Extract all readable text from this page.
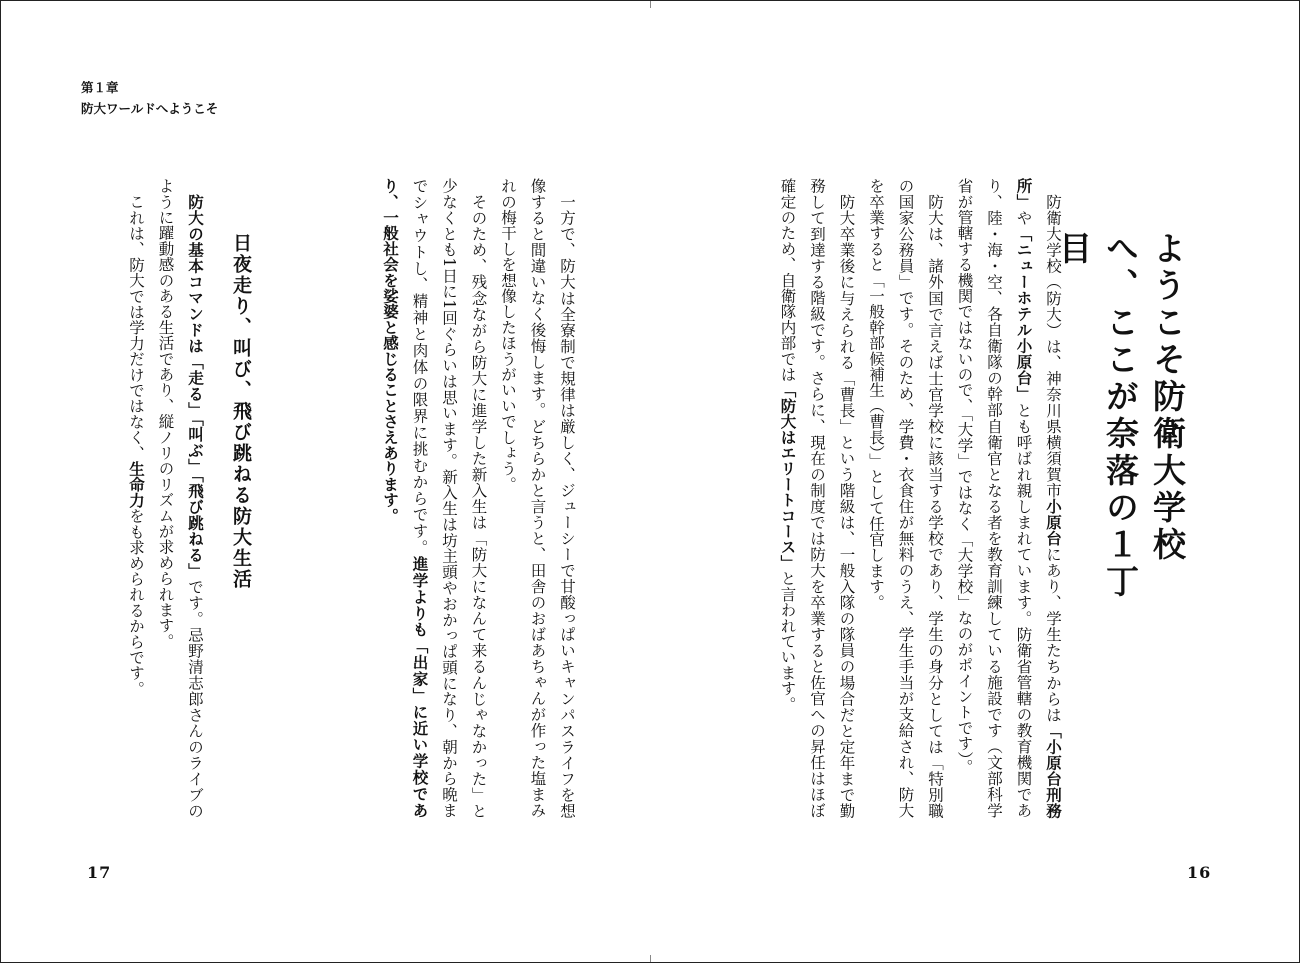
第１章
防大ワールドへようこそ
ようこそ防衛大学校へ、ここが奈落の１丁目

防衛大学校（防大）は、神奈川県横須賀市小原台にあり、学生たちからは「小原台刑務所」や「ニューホテル小原台」とも呼ばれ親しまれています。防衛省管轄の教育機関であり、陸・海・空、各自衛隊の幹部自衛官となる者を教育訓練している施設です（文部科学省が管轄する機関ではないので、「大学」ではなく「大学校」なのがポイントです）。

防大は、諸外国で言えば士官学校に該当する学校であり、学生の身分としては「特別職の国家公務員」です。そのため、学費・衣食住が無料のうえ、学生手当が支給され、防大を卒業すると「一般幹部候補生（曹長）」として任官します。

防大卒業後に与えられる「曹長」という階級は、一般入隊の隊員の場合だと定年まで勤務して到達する階級です。さらに、現在の制度では防大を卒業すると佐官への昇任はほぼ確定のため、自衛隊内部では「防大はエリートコース」と言われています。

一方で、防大は全寮制で規律は厳しく、ジューシーで甘酸っぱいキャンパスライフを想像すると間違いなく後悔します。どちらかと言うと、田舎のおばあちゃんが作った塩まみれの梅干しを想像したほうがいいでしょう。

そのため、残念ながら防大に進学した新入生は「防大になんて来るんじゃなかった」と少なくとも1日に1回ぐらいは思います。新入生は坊主頭やおかっぱ頭になり、朝から晩までシャウトし、精神と肉体の限界に挑むからです。進学よりも「出家」に近い学校であり、一般社会を娑婆と感じることさえあります。

日夜走り、叫び、飛び跳ねる防大生活

防大の基本コマンドは「走る」「叫ぶ」「飛び跳ねる」です。忌野清志郎さんのライブのように躍動感のある生活であり、縦ノリのリズムが求められます。

これは、防大では学力だけではなく、生命力をも求められるからです。

17	16
